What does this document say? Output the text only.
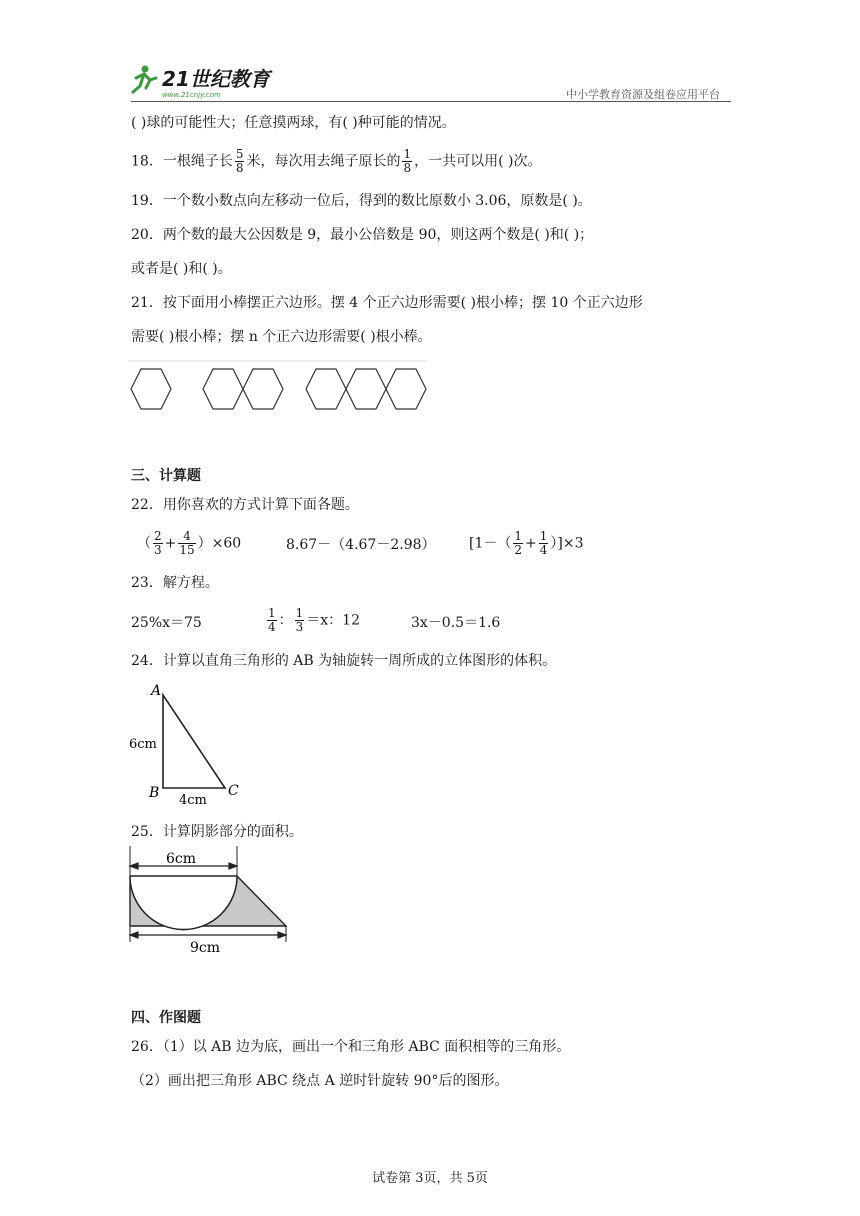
21世纪教育
www.21cnjy.com	中小学教育资源及组卷应用平台
( )球的可能性大；任意摸两球，有( )种可能的情况。
18．一根绳子长 $\frac{5}{8}$ 米，每次用去绳子原长的 $\frac{1}{8}$ ，一共可以用( )次。
19．一个数小数点向左移动一位后，得到的数比原数小 3.06，原数是( )。
20．两个数的最大公因数是 9，最小公倍数是 90，则这两个数是( )和( )；
或者是( )和( )。
21．按下面用小棒摆正六边形。摆 4 个正六边形需要( )根小棒；摆 10 个正六边形
需要( )根小棒；摆 n 个正六边形需要( )根小棒。
三、计算题
22．用你喜欢的方式计算下面各题。
（ $\frac{2}{3} + \frac{4}{15} )\times 60$	8.67－（4.67－2.98） $[1-( \frac{1}{2} + \frac{1}{4} )]\times 3$
23．解方程。
25%x＝75	$\frac{1}{4}$ ： $\frac{1}{3} =x$：12	3x－0.5＝1.6
24．计算以直角三角形的 AB 为轴旋转一周所成的立体图形的体积。
A
B	C
6cm
4cm
25．计算阴影部分的面积。
6cm
9cm
四、作图题
26．（1）以 AB 边为底，画出一个和三角形 ABC 面积相等的三角形。
（2）画出把三角形 ABC 绕点 A 逆时针旋转 90°后的图形。
试卷第 3页，共 5页
